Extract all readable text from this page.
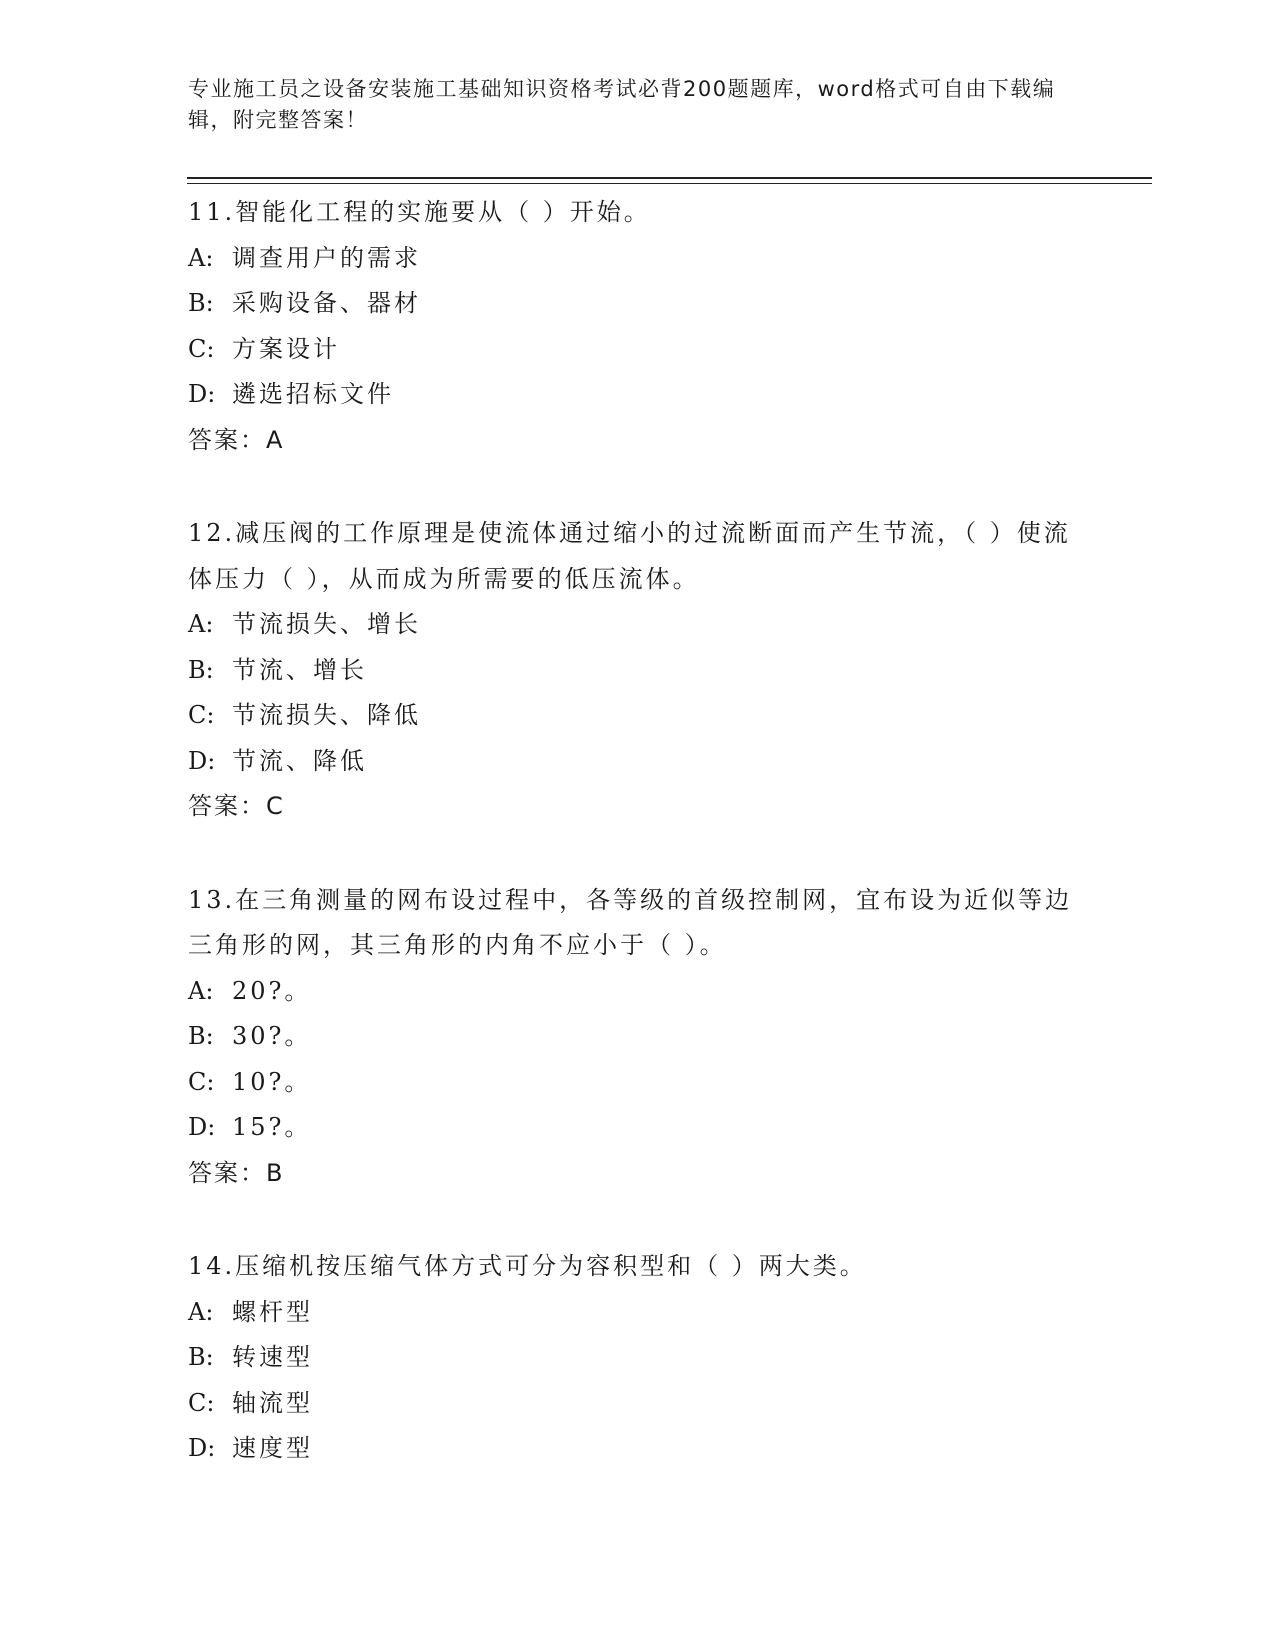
专业施工员之设备安装施工基础知识资格考试必背200题题库，word格式可自由下载编辑，附完整答案！

11.智能化工程的实施要从（ ）开始。

A: 调查用户的需求

B: 采购设备、器材

C: 方案设计

D: 遴选招标文件

答案：A

12.减压阀的工作原理是使流体通过缩小的过流断面而产生节流，（ ）使流体压力（ ），从而成为所需要的低压流体。

A: 节流损失、增长

B: 节流、增长

C: 节流损失、降低

D: 节流、降低

答案：C

13.在三角测量的网布设过程中，各等级的首级控制网，宜布设为近似等边三角形的网，其三角形的内角不应小于（ ）。

A: 20?。

B: 30?。

C: 10?。

D: 15?。

答案：B

14.压缩机按压缩气体方式可分为容积型和（ ）两大类。

A: 螺杆型

B: 转速型

C: 轴流型

D: 速度型
